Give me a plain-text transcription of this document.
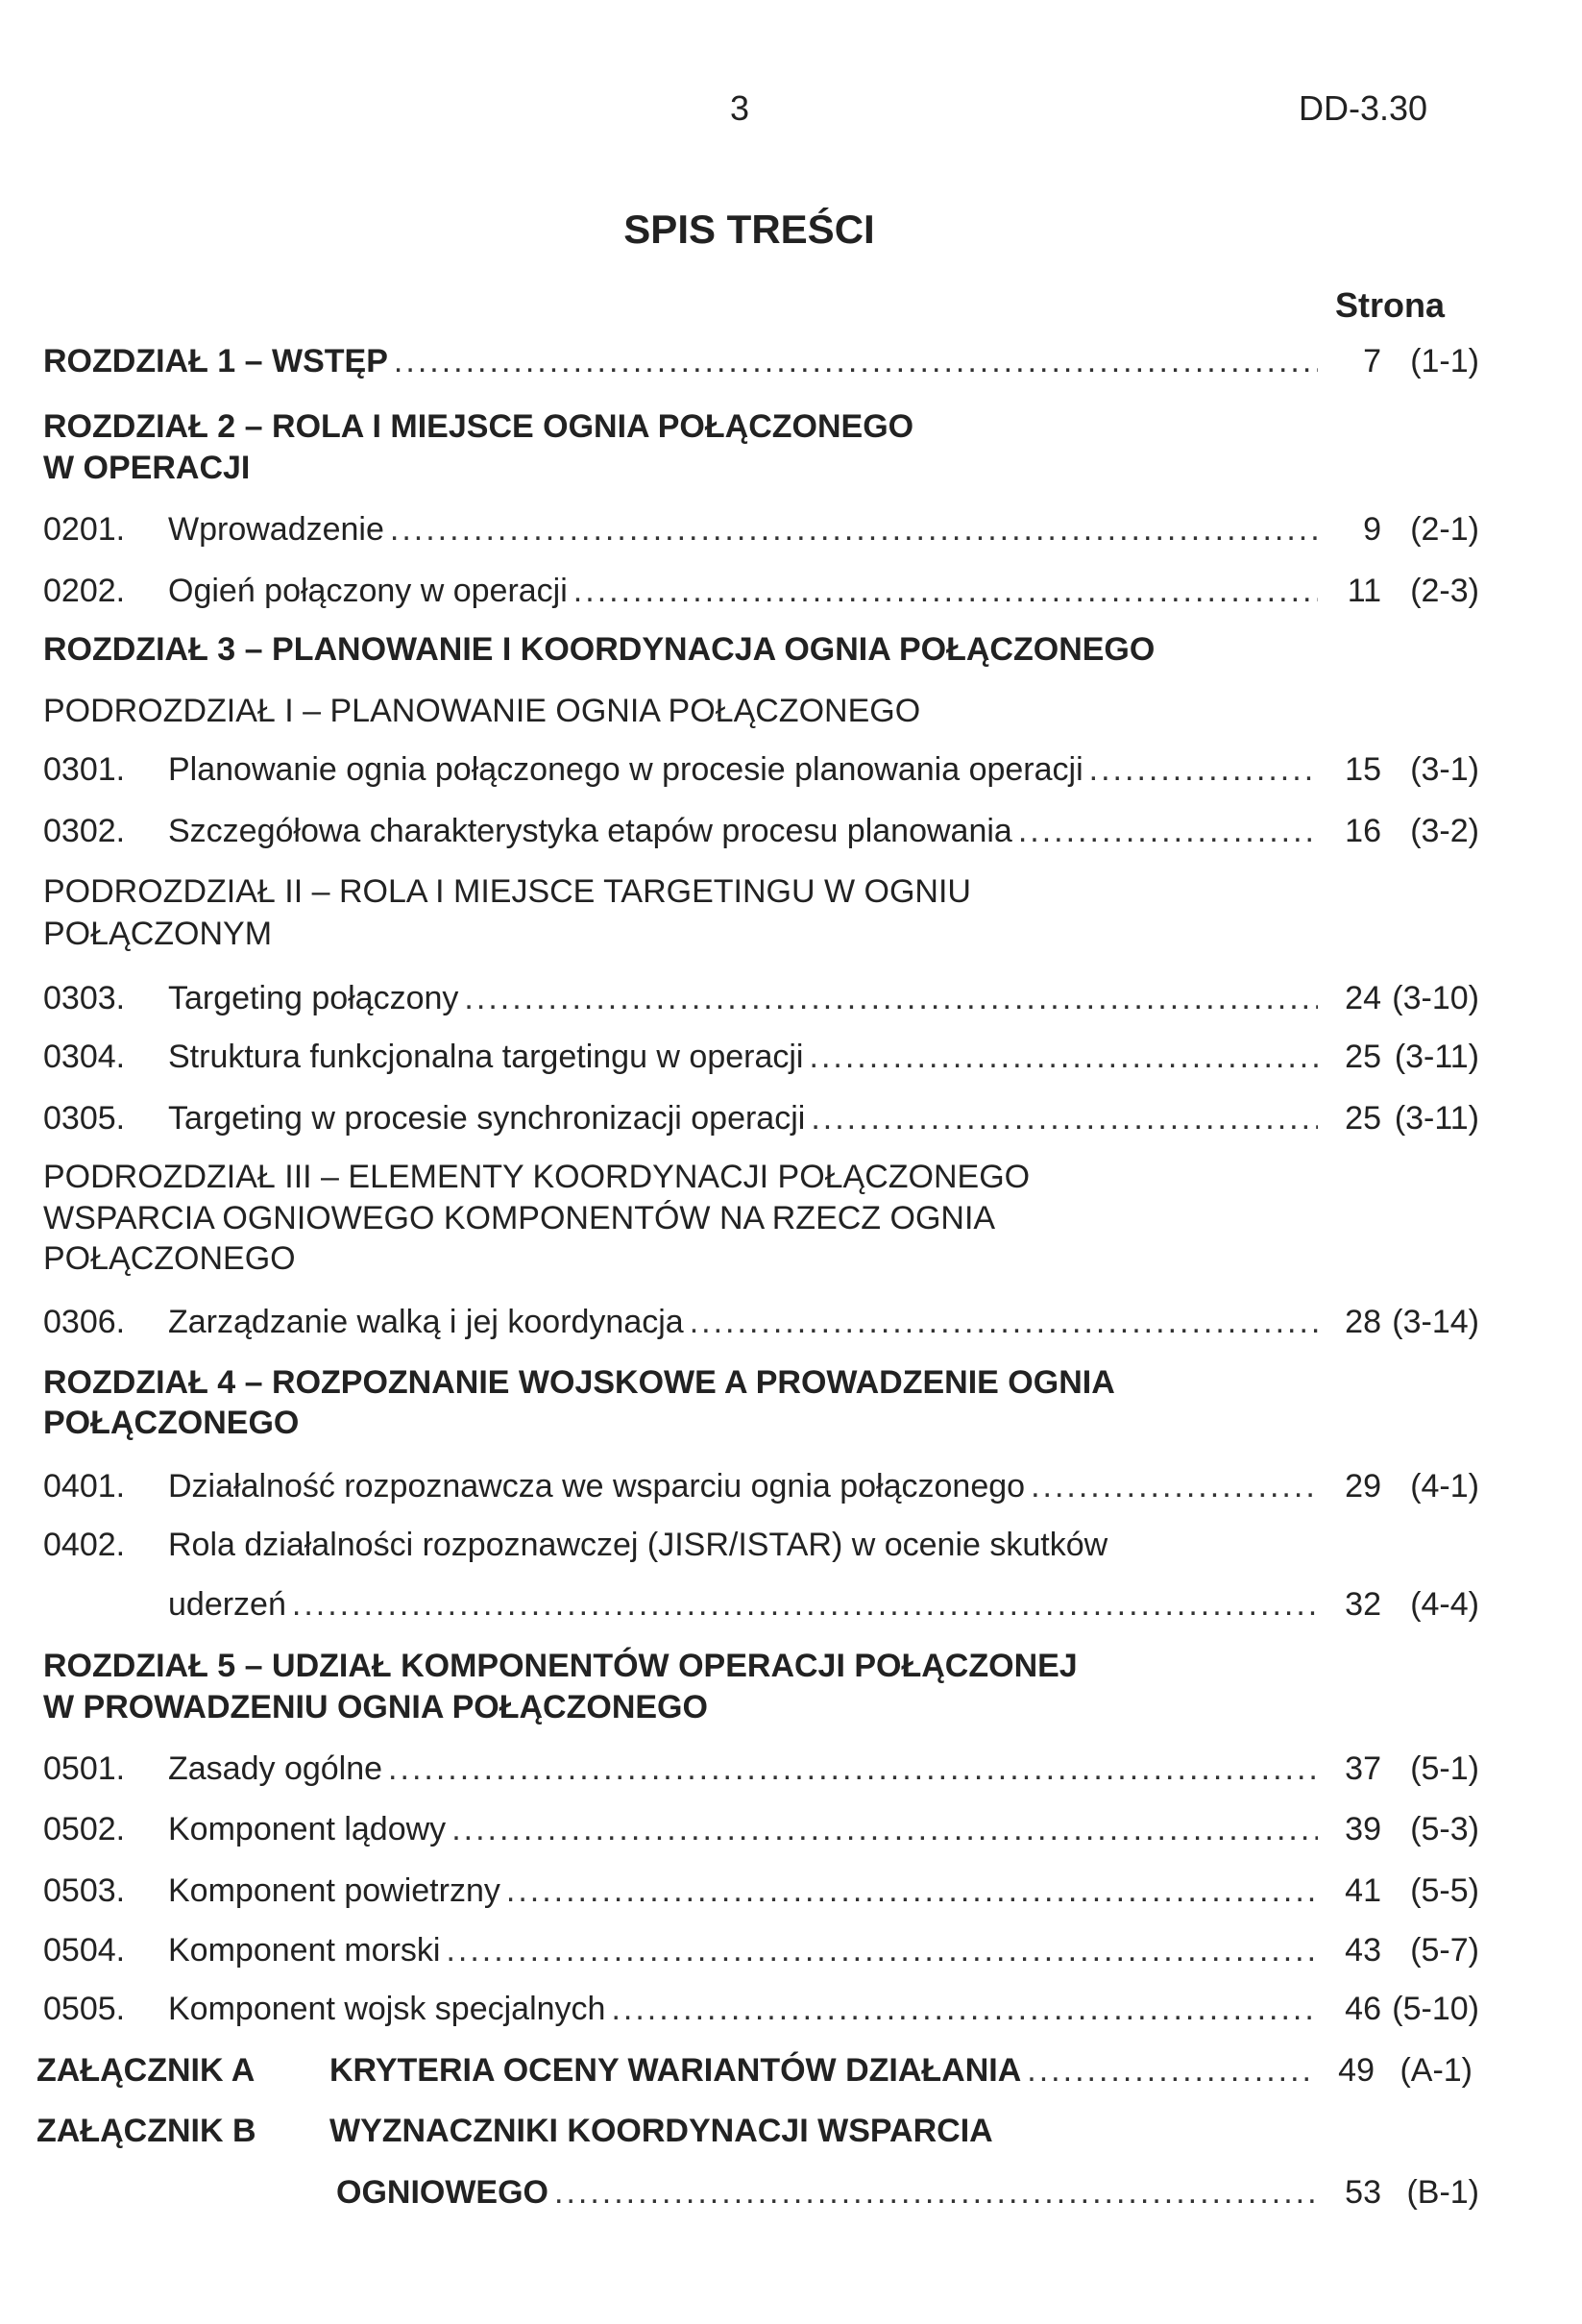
3	DD-3.30
SPIS TREŚCI
Strona
ROZDZIAŁ 1 – WSTĘP .....	7 (1-1)
ROZDZIAŁ 2 – ROLA I MIEJSCE OGNIA POŁĄCZONEGO
W OPERACJI
0201.	Wprowadzenie .....	9 (2-1)
0202.	Ogień połączony w operacji .....	11 (2-3)
ROZDZIAŁ 3 – PLANOWANIE I KOORDYNACJA OGNIA POŁĄCZONEGO
PODROZDZIAŁ I – PLANOWANIE OGNIA POŁĄCZONEGO
0301.	Planowanie ognia połączonego w procesie planowania operacji .....	15 (3-1)
0302.	Szczegółowa charakterystyka etapów procesu planowania .....	16 (3-2)
PODROZDZIAŁ II – ROLA I MIEJSCE TARGETINGU W OGNIU
POŁĄCZONYM
0303.	Targeting połączony .....	24 (3-10)
0304.	Struktura funkcjonalna targetingu w operacji .....	25 (3-11)
0305.	Targeting w procesie synchronizacji operacji .....	25 (3-11)
PODROZDZIAŁ III – ELEMENTY KOORDYNACJI POŁĄCZONEGO
WSPARCIA OGNIOWEGO KOMPONENTÓW NA RZECZ OGNIA
POŁĄCZONEGO
0306.	Zarządzanie walką i jej koordynacja .....	28 (3-14)
ROZDZIAŁ 4 – ROZPOZNANIE WOJSKOWE A PROWADZENIE OGNIA
POŁĄCZONEGO
0401.	Działalność rozpoznawcza we wsparciu ognia połączonego .....	29 (4-1)
0402.	Rola działalności rozpoznawczej (JISR/ISTAR) w ocenie skutków
uderzeń .....	32 (4-4)
ROZDZIAŁ 5 – UDZIAŁ KOMPONENTÓW OPERACJI POŁĄCZONEJ
W PROWADZENIU OGNIA POŁĄCZONEGO
0501.	Zasady ogólne .....	37 (5-1)
0502.	Komponent lądowy .....	39 (5-3)
0503.	Komponent powietrzny .....	41 (5-5)
0504.	Komponent morski .....	43 (5-7)
0505.	Komponent wojsk specjalnych .....	46 (5-10)
ZAŁĄCZNIK A	KRYTERIA OCENY WARIANTÓW DZIAŁANIA .....	49 (A-1)
ZAŁĄCZNIK B	WYZNACZNIKI KOORDYNACJI WSPARCIA
OGNIOWEGO .....	53 (B-1)
